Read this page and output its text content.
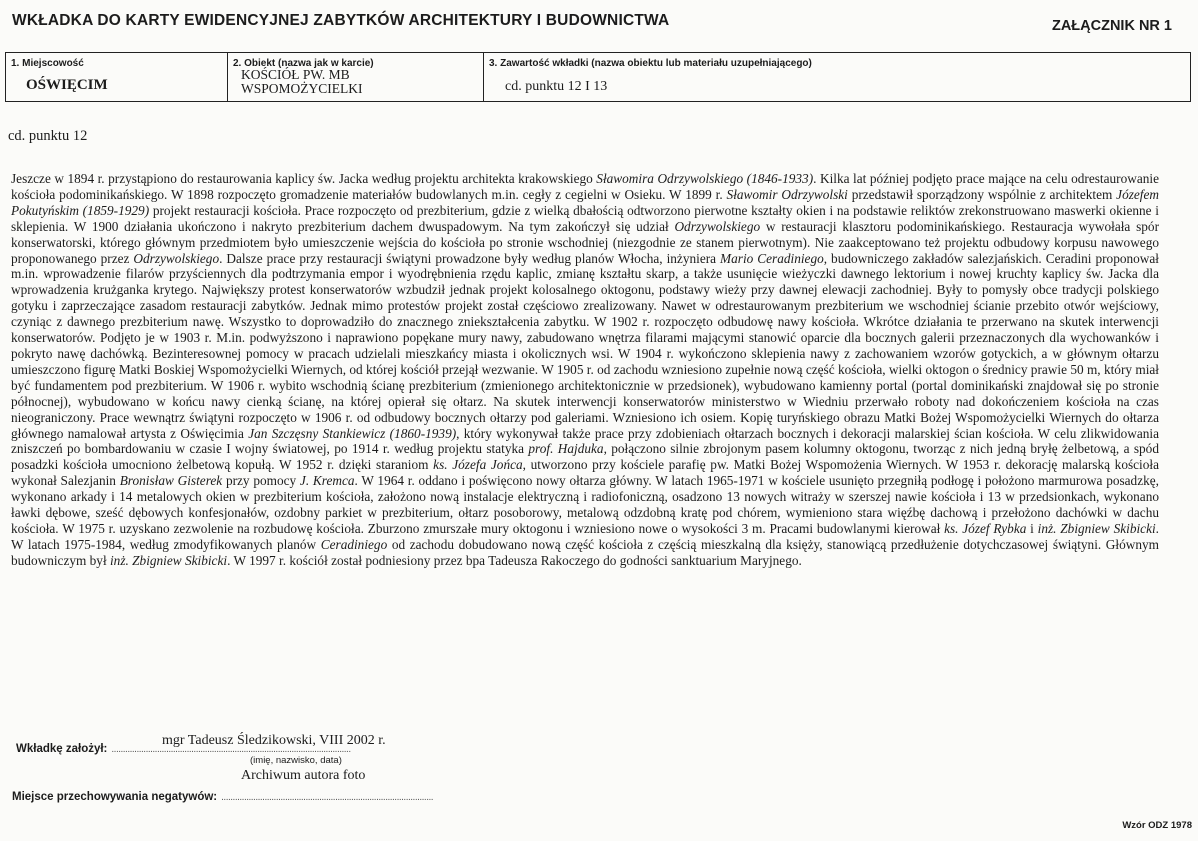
WKŁADKA DO KARTY EWIDENCYJNEJ ZABYTKÓW ARCHITEKTURY I BUDOWNICTWA	ZAŁĄCZNIK NR 1
1. Miejscowość
OŚWIĘCIM
2. Obiekt (nazwa jak w karcie)
KOŚCIÓŁ PW. MB
WSPOMOŻYCIELKI
3. Zawartość wkładki (nazwa obiektu lub materiału uzupełniającego)
cd. punktu 12 I 13
cd. punktu 12

Jeszcze w 1894 r. przystąpiono do restaurowania kaplicy św. Jacka według projektu architekta krakowskiego Sławomira Odrzywolskiego (1846-1933). Kilka lat później podjęto prace mające na celu odrestaurowanie kościoła podominikańskiego. W 1898 rozpoczęto gromadzenie materiałów budowlanych m.in. cegły z cegielni w Osieku. W 1899 r. Sławomir Odrzywolski przedstawił sporządzony wspólnie z architektem Józefem Pokutyńskim (1859-1929) projekt restauracji kościoła. Prace rozpoczęto od prezbiterium, gdzie z wielką dbałością odtworzono pierwotne kształty okien i na podstawie reliktów zrekonstruowano maswerki okienne i sklepienia. W 1900 działania ukończono i nakryto prezbiterium dachem dwuspadowym. Na tym zakończył się udział Odrzywolskiego w restauracji klasztoru podominikańskiego. Restauracja wywołała spór konserwatorski, którego głównym przedmiotem było umieszczenie wejścia do kościoła po stronie wschodniej (niezgodnie ze stanem pierwotnym). Nie zaakceptowano też projektu odbudowy korpusu nawowego proponowanego przez Odrzywolskiego. Dalsze prace przy restauracji świątyni prowadzone były według planów Włocha, inżyniera Mario Ceradiniego, budowniczego zakładów salezjańskich. Ceradini proponował m.in. wprowadzenie filarów przyściennych dla podtrzymania empor i wyodrębnienia rzędu kaplic, zmianę kształtu skarp, a także usunięcie wieżyczki dawnego lektorium i nowej kruchty kaplicy św. Jacka dla wprowadzenia krużganka krytego. Największy protest konserwatorów wzbudził jednak projekt kolosalnego oktogonu, podstawy wieży przy dawnej elewacji zachodniej. Były to pomysły obce tradycji polskiego gotyku i zaprzeczające zasadom restauracji zabytków. Jednak mimo protestów projekt został częściowo zrealizowany. Nawet w odrestaurowanym prezbiterium we wschodniej ścianie przebito otwór wejściowy, czyniąc z dawnego prezbiterium nawę. Wszystko to doprowadziło do znacznego zniekształcenia zabytku. W 1902 r. rozpoczęto odbudowę nawy kościoła. Wkrótce działania te przerwano na skutek interwencji konserwatorów. Podjęto je w 1903 r. M.in. podwyższono i naprawiono popękane mury nawy, zabudowano wnętrza filarami mającymi stanowić oparcie dla bocznych galerii przeznaczonych dla wychowanków i pokryto nawę dachówką. Bezinteresownej pomocy w pracach udzielali mieszkańcy miasta i okolicznych wsi. W 1904 r. wykończono sklepienia nawy z zachowaniem wzorów gotyckich, a w głównym ołtarzu umieszczono figurę Matki Boskiej Wspomożycielki Wiernych, od której kościół przejął wezwanie. W 1905 r. od zachodu wzniesiono zupełnie nową część kościoła, wielki oktogon o średnicy prawie 50 m, który miał być fundamentem pod prezbiterium. W 1906 r. wybito wschodnią ścianę prezbiterium (zmienionego architektonicznie w przedsionek), wybudowano kamienny portal (portal dominikański znajdował się po stronie północnej), wybudowano w końcu nawy cienką ścianę, na której opierał się ołtarz. Na skutek interwencji konserwatorów ministerstwo w Wiedniu przerwało roboty nad dokończeniem kościoła na czas nieograniczony. Prace wewnątrz świątyni rozpoczęto w 1906 r. od odbudowy bocznych ołtarzy pod galeriami. Wzniesiono ich osiem. Kopię turyńskiego obrazu Matki Bożej Wspomożycielki Wiernych do ołtarza głównego namalował artysta z Oświęcimia Jan Szczęsny Stankiewicz (1860-1939), który wykonywał także prace przy zdobieniach ołtarzach bocznych i dekoracji malarskiej ścian kościoła. W celu zlikwidowania zniszczeń po bombardowaniu w czasie I wojny światowej, po 1914 r. według projektu statyka prof. Hajduka, połączono silnie zbrojonym pasem kolumny oktogonu, tworząc z nich jedną bryłę żelbetową, a spód posadzki kościoła umocniono żelbetową kopułą. W 1952 r. dzięki staraniom ks. Józefa Jońca, utworzono przy kościele parafię pw. Matki Bożej Wspomożenia Wiernych. W 1953 r. dekorację malarską kościoła wykonał Salezjanin Bronisław Gisterek przy pomocy J. Kremca. W 1964 r. oddano i poświęcono nowy ołtarza główny. W latach 1965-1971 w kościele usunięto przegniłą podłogę i położono marmurowa posadzkę, wykonano arkady i 14 metalowych okien w prezbiterium kościoła, założono nową instalacje elektryczną i radiofoniczną, osadzono 13 nowych witraży w szerszej nawie kościoła i 13 w przedsionkach, wykonano ławki dębowe, sześć dębowych konfesjonałów, ozdobny parkiet w prezbiterium, ołtarz posoborowy, metalową odzdobną kratę pod chórem, wymieniono stara więźbę dachową i przełożono dachówki w dachu kościoła. W 1975 r. uzyskano zezwolenie na rozbudowę kościoła. Zburzono zmurszałe mury oktogonu i wzniesiono nowe o wysokości 3 m. Pracami budowlanymi kierował ks. Józef Rybka i inż. Zbigniew Skibicki. W latach 1975-1984, według zmodyfikowanych planów Ceradiniego od zachodu dobudowano nową część kościoła z częścią mieszkalną dla księży, stanowiącą przedłużenie dotychczasowej świątyni. Głównym budowniczym był inż. Zbigniew Skibicki. W 1997 r. kościół został podniesiony przez bpa Tadeusza Rakoczego do godności sanktuarium Maryjnego.

Wkładkę założył: .........................................................................................................
mgr Tadeusz Śledzikowski, VIII 2002 r.
(imię, nazwisko, data)
Archiwum autora foto
Miejsce przechowywania negatywów: .............................................................................................
Wzór ODZ 1978
